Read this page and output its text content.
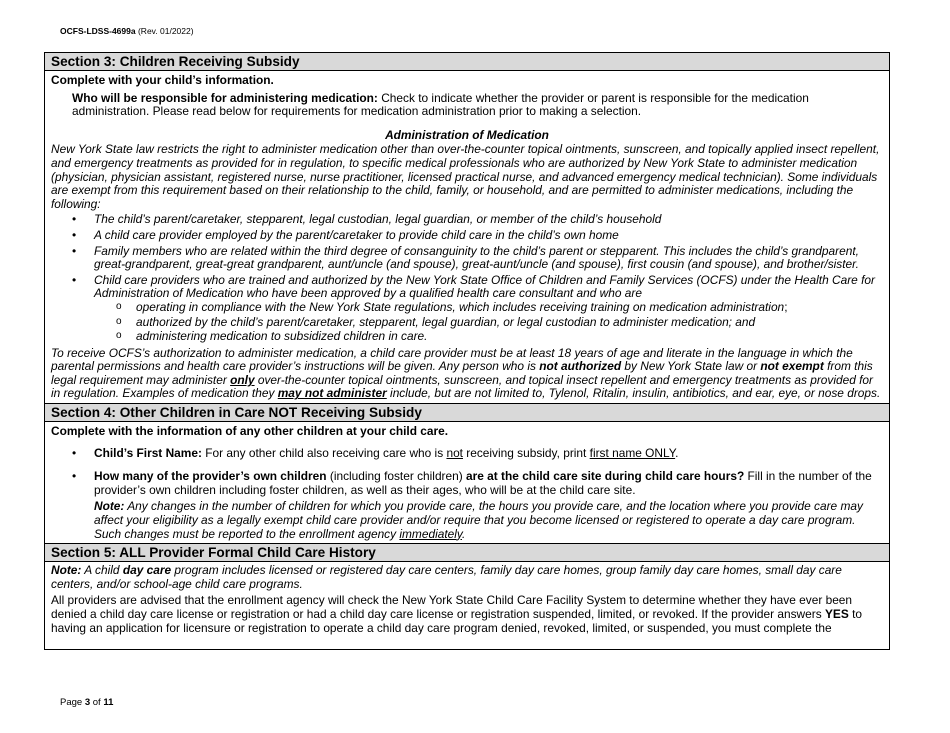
OCFS-LDSS-4699a (Rev. 01/2022)
Section 3: Children Receiving Subsidy
Complete with your child’s information.
Who will be responsible for administering medication: Check to indicate whether the provider or parent is responsible for the medication administration. Please read below for requirements for medication administration prior to making a selection.
Administration of Medication
New York State law restricts the right to administer medication other than over-the-counter topical ointments, sunscreen, and topically applied insect repellent, and emergency treatments as provided for in regulation, to specific medical professionals who are authorized by New York State to administer medication (physician, physician assistant, registered nurse, nurse practitioner, licensed practical nurse, and advanced emergency medical technician). Some individuals are exempt from this requirement based on their relationship to the child, family, or household, and are permitted to administer medications, including the following:
• The child’s parent/caretaker, stepparent, legal custodian, legal guardian, or member of the child’s household
• A child care provider employed by the parent/caretaker to provide child care in the child’s own home
• Family members who are related within the third degree of consanguinity to the child’s parent or stepparent. This includes the child’s grandparent, great-grandparent, great-great grandparent, aunt/uncle (and spouse), great-aunt/uncle (and spouse), first cousin (and spouse), and brother/sister.
• Child care providers who are trained and authorized by the New York State Office of Children and Family Services (OCFS) under the Health Care for Administration of Medication who have been approved by a qualified health care consultant and who are
o operating in compliance with the New York State regulations, which includes receiving training on medication administration;
o authorized by the child’s parent/caretaker, stepparent, legal guardian, or legal custodian to administer medication; and
o administering medication to subsidized children in care.
To receive OCFS’s authorization to administer medication, a child care provider must be at least 18 years of age and literate in the language in which the parental permissions and health care provider’s instructions will be given. Any person who is not authorized by New York State law or not exempt from this legal requirement may administer only over-the-counter topical ointments, sunscreen, and topical insect repellent and emergency treatments as provided for in regulation. Examples of medication they may not administer include, but are not limited to, Tylenol, Ritalin, insulin, antibiotics, and ear, eye, or nose drops.
Section 4: Other Children in Care NOT Receiving Subsidy
Complete with the information of any other children at your child care.
• Child’s First Name: For any other child also receiving care who is not receiving subsidy, print first name ONLY.
• How many of the provider’s own children (including foster children) are at the child care site during child care hours? Fill in the number of the provider’s own children including foster children, as well as their ages, who will be at the child care site.
Note: Any changes in the number of children for which you provide care, the hours you provide care, and the location where you provide care may affect your eligibility as a legally exempt child care provider and/or require that you become licensed or registered to operate a day care program. Such changes must be reported to the enrollment agency immediately.
Section 5: ALL Provider Formal Child Care History
Note: A child day care program includes licensed or registered day care centers, family day care homes, group family day care homes, small day care centers, and/or school-age child care programs.
All providers are advised that the enrollment agency will check the New York State Child Care Facility System to determine whether they have ever been denied a child day care license or registration or had a child day care license or registration suspended, limited, or revoked. If the provider answers YES to having an application for licensure or registration to operate a child day care program denied, revoked, limited, or suspended, you must complete the
Page 3 of 11
